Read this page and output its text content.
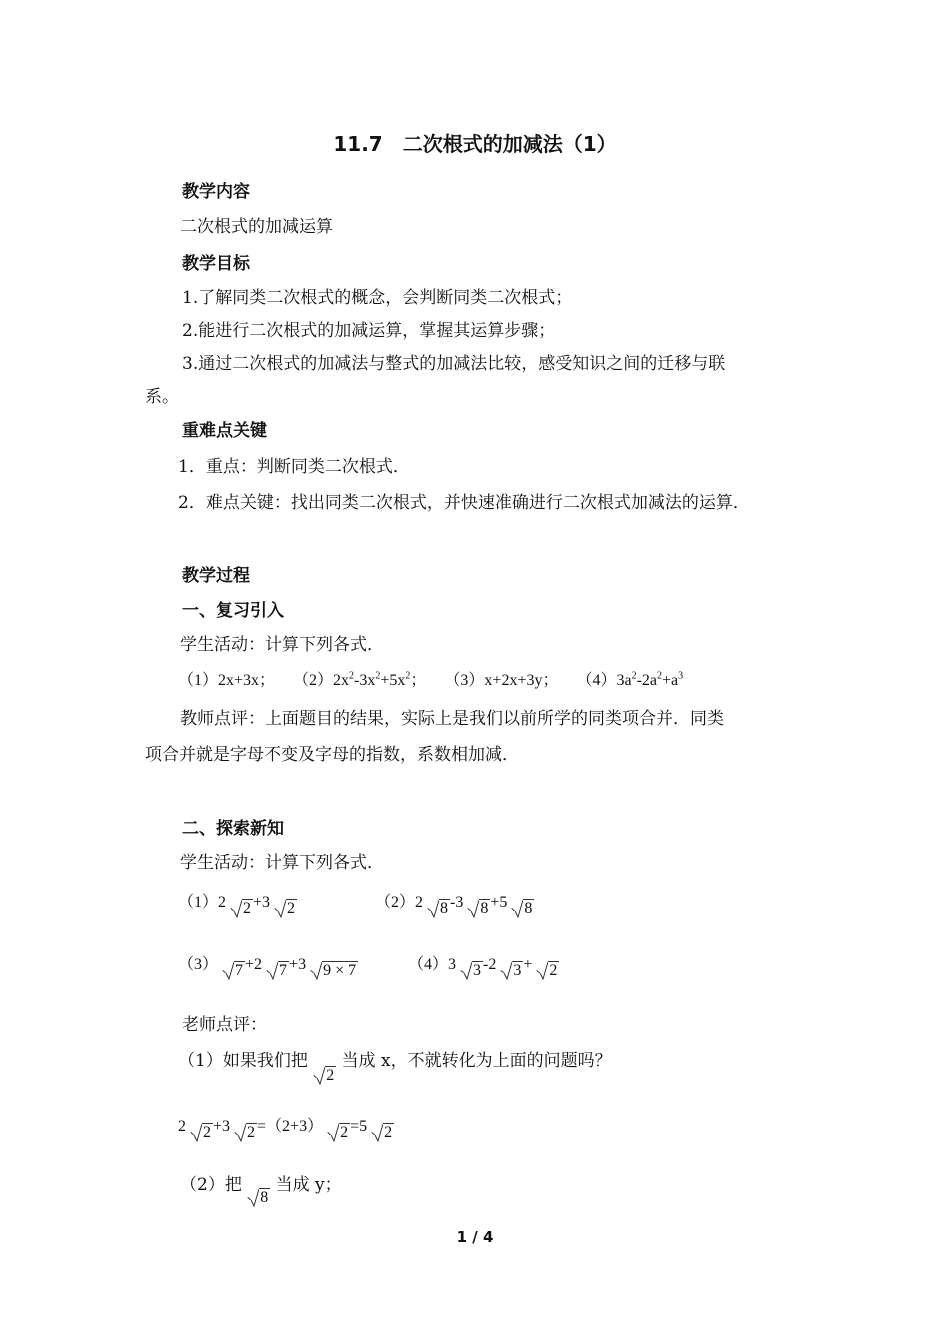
11.7　二次根式的加减法（1）
教学内容
二次根式的加减运算
教学目标
1.了解同类二次根式的概念，会判断同类二次根式；
2.能进行二次根式的加减运算，掌握其运算步骤；
3.通过二次根式的加减法与整式的加减法比较，感受知识之间的迁移与联
系。
重难点关键
1．重点：判断同类二次根式．
2．难点关键：找出同类二次根式，并快速准确进行二次根式加减法的运算．
教学过程
一、复习引入
学生活动：计算下列各式．
（1）2x+3x； $(2)2x^2-3x^2+5x^2$； （3）x+2x+3y； $(4)3a^2-2a^2+a^3$
教师点评：上面题目的结果，实际上是我们以前所学的同类项合并．同类
项合并就是字母不变及字母的指数，系数相加减．
二、探索新知
学生活动：计算下列各式．
（1）2 2 +3 2	（2）2 8 -3 8 +5 8
（3） 7 +2 7 +3 9 × 7	（4）3 3 -2 3 + 2
老师点评：
（1）如果我们把
2 当成 x，不就转化为上面的问题吗？
2 2 +3 2 =（2+3） 2 =5 2
（2）把
8 当成 y；
1 / 4
